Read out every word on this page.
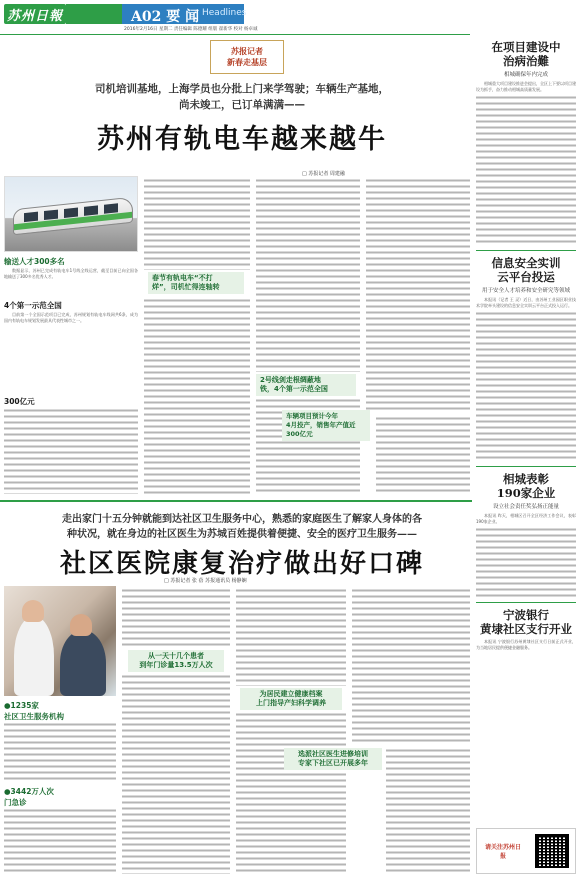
苏州日報	A02 要 闻 Headlines
2016年2月16日 星期二 责任编辑 陈德耀 组版 翟新华 校对 杨卓诚
苏报记者
新春走基层
司机培训基地，上海学员也分批上门来学驾驶；车辆生产基地，
尚未竣工，已订单满满——
苏州有轨电车越来越牛
□ 苏报记者 周建融
输送人才300多名
数据显示，苏州已完成有轨电车1号线全线运营，截至目前已向全国各地输送了300多名优秀人才。
4个第一示范全国
目前第一个全国示范项目已完成，苏州规划有轨电车线网共6条，成为国内有轨电车规划发展最具代表性城市之一。
300亿元
春节有轨电车“不打
烊”，司机忙得连轴转
2号线剑走根绸蔽地
铁，4个第一示范全国
车辆项目预计今年
4月投产，销售年产值近
300亿元
走出家门十五分钟就能到达社区卫生服务中心，熟悉的家庭医生了解家人身体的各
种状况，就在身边的社区医生为苏城百姓提供着便捷、安全的医疗卫生服务——
社区医院康复治疗做出好口碑
□ 苏报记者 张 蓓 苏报通讯员 杨静娴
●1235家
社区卫生服务机构
●3442万人次
门急诊
从一天十几个患者
到年门诊量13.5万人次
为居民建立健康档案
上门指导产妇科学调养
选派社区医生进修培训
专家下社区已开展多年
在项目建设中
治病治難
相城确保年内完成
相城重大项目建设推进会提出，全区上下要以项目建设为抓手，奋力推动相城高质量发展。
信息安全实训
云平台投运
用于安全人才培养和安全研究等领域
本报讯（记者 王 灵）近日，由苏州工业园区职业技术学院牵头建设的信息安全实训云平台正式投入运行。
相城表彰
190家企业
设立社会责任奖弘扬正能量
本报讯 昨天，相城区召开全区经济工作会议，表彰190家企业。
宁波银行
黄埭社区支行开业
本报讯 宁波银行苏州黄埭社区支行日前正式开业，为当地居民提供便捷金融服务。
请关注苏州日报
